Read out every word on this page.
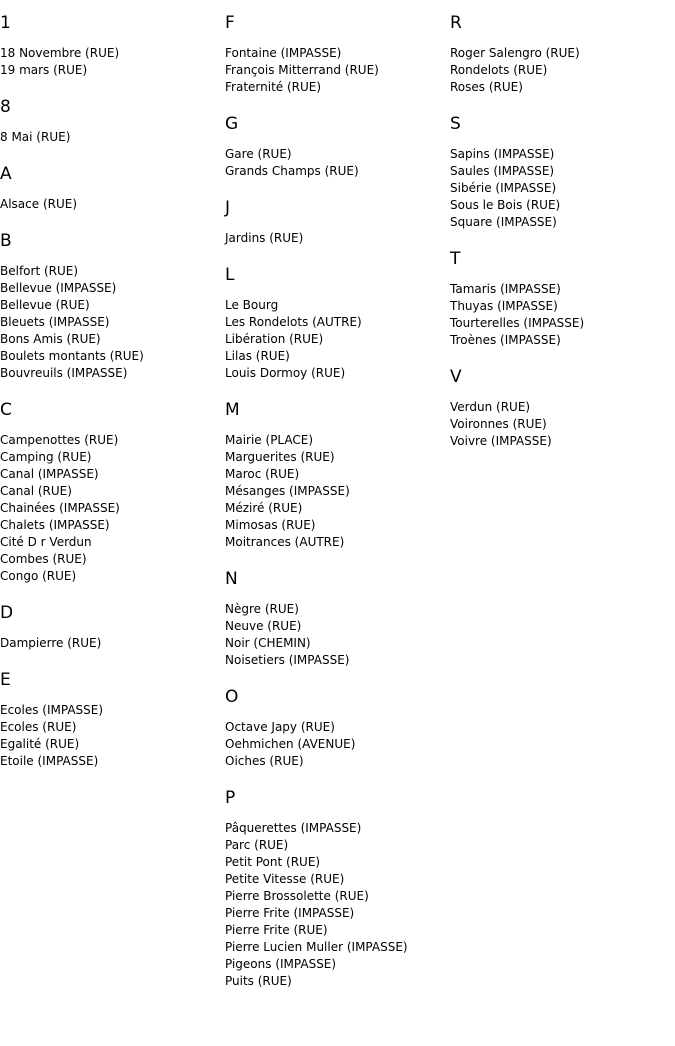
1
18 Novembre (RUE)
19 mars (RUE)
8
8 Mai (RUE)
A
Alsace (RUE)
B
Belfort (RUE)
Bellevue (IMPASSE)
Bellevue (RUE)
Bleuets (IMPASSE)
Bons Amis (RUE)
Boulets montants (RUE)
Bouvreuils (IMPASSE)
C
Campenottes (RUE)
Camping (RUE)
Canal (IMPASSE)
Canal (RUE)
Chainées (IMPASSE)
Chalets (IMPASSE)
Cité D r Verdun
Combes (RUE)
Congo (RUE)
D
Dampierre (RUE)
E
Ecoles (IMPASSE)
Ecoles (RUE)
Egalité (RUE)
Etoile (IMPASSE)
F
Fontaine (IMPASSE)
François Mitterrand (RUE)
Fraternité (RUE)
G
Gare (RUE)
Grands Champs (RUE)
J
Jardins (RUE)
L
Le Bourg
Les Rondelots (AUTRE)
Libération (RUE)
Lilas (RUE)
Louis Dormoy (RUE)
M
Mairie (PLACE)
Marguerites (RUE)
Maroc (RUE)
Mésanges (IMPASSE)
Méziré (RUE)
Mimosas (RUE)
Moitrances (AUTRE)
N
Nègre (RUE)
Neuve (RUE)
Noir (CHEMIN)
Noisetiers (IMPASSE)
O
Octave Japy (RUE)
Oehmichen (AVENUE)
Oiches (RUE)
P
Pâquerettes (IMPASSE)
Parc (RUE)
Petit Pont (RUE)
Petite Vitesse (RUE)
Pierre Brossolette (RUE)
Pierre Frite (IMPASSE)
Pierre Frite (RUE)
Pierre Lucien Muller (IMPASSE)
Pigeons (IMPASSE)
Puits (RUE)
R
Roger Salengro (RUE)
Rondelots (RUE)
Roses (RUE)
S
Sapins (IMPASSE)
Saules (IMPASSE)
Sibérie (IMPASSE)
Sous le Bois (RUE)
Square (IMPASSE)
T
Tamaris (IMPASSE)
Thuyas (IMPASSE)
Tourterelles (IMPASSE)
Troènes (IMPASSE)
V
Verdun (RUE)
Voironnes (RUE)
Voivre (IMPASSE)
